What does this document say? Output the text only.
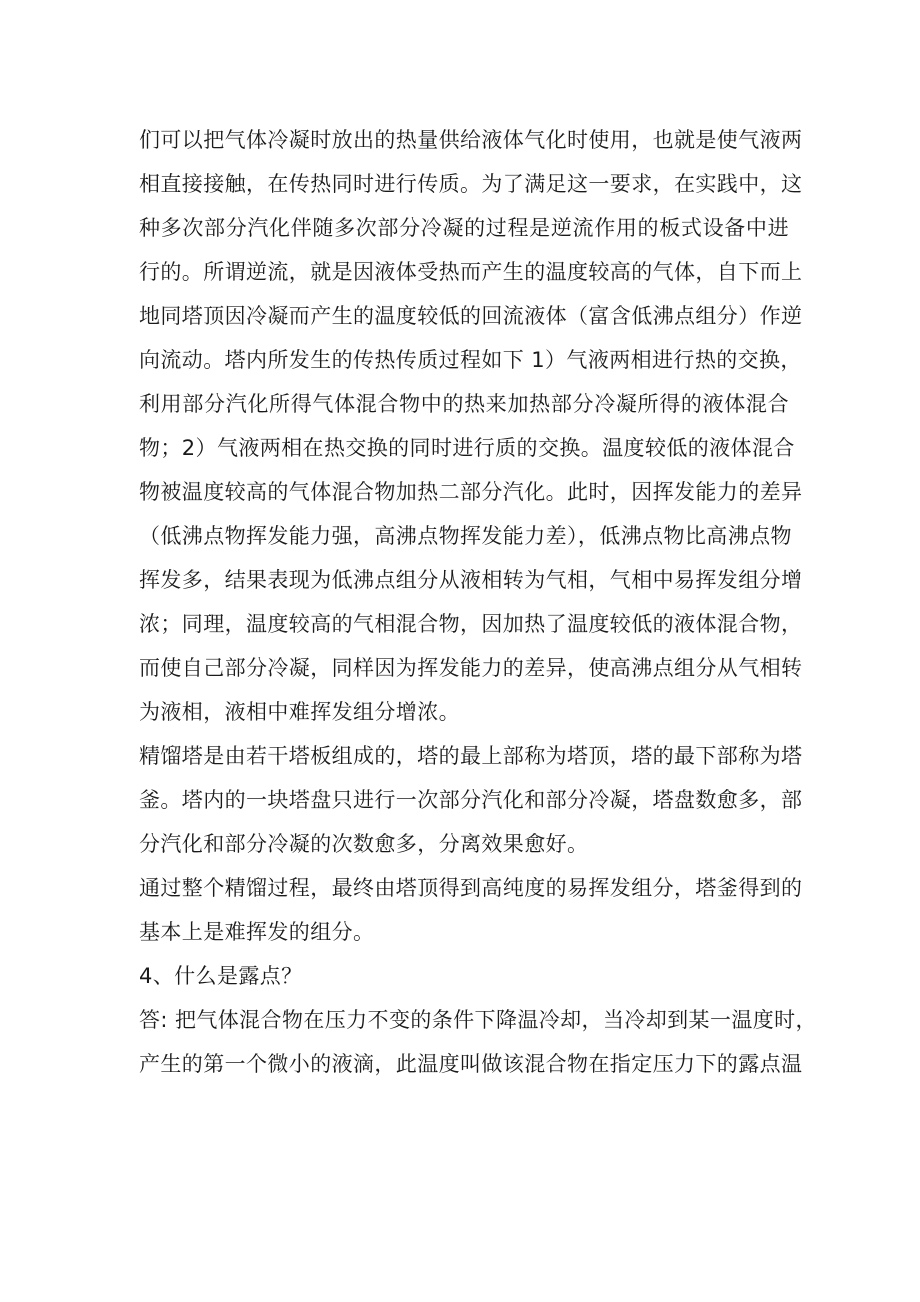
们可以把气体冷凝时放出的热量供给液体气化时使用，也就是使气液两
相直接接触，在传热同时进行传质。为了满足这一要求，在实践中，这
种多次部分汽化伴随多次部分冷凝的过程是逆流作用的板式设备中进
行的。所谓逆流，就是因液体受热而产生的温度较高的气体，自下而上
地同塔顶因冷凝而产生的温度较低的回流液体（富含低沸点组分）作逆
向流动。塔内所发生的传热传质过程如下 1）气液两相进行热的交换，
利用部分汽化所得气体混合物中的热来加热部分冷凝所得的液体混合
物；2）气液两相在热交换的同时进行质的交换。温度较低的液体混合
物被温度较高的气体混合物加热二部分汽化。此时，因挥发能力的差异
（低沸点物挥发能力强，高沸点物挥发能力差），低沸点物比高沸点物
挥发多，结果表现为低沸点组分从液相转为气相，气相中易挥发组分增
浓；同理，温度较高的气相混合物，因加热了温度较低的液体混合物，
而使自己部分冷凝，同样因为挥发能力的差异，使高沸点组分从气相转
为液相，液相中难挥发组分增浓。
精馏塔是由若干塔板组成的，塔的最上部称为塔顶，塔的最下部称为塔
釜。塔内的一块塔盘只进行一次部分汽化和部分冷凝，塔盘数愈多，部
分汽化和部分冷凝的次数愈多，分离效果愈好。
通过整个精馏过程，最终由塔顶得到高纯度的易挥发组分，塔釜得到的
基本上是难挥发的组分。
4、什么是露点？
答: 把气体混合物在压力不变的条件下降温冷却，当冷却到某一温度时，
产生的第一个微小的液滴，此温度叫做该混合物在指定压力下的露点温
